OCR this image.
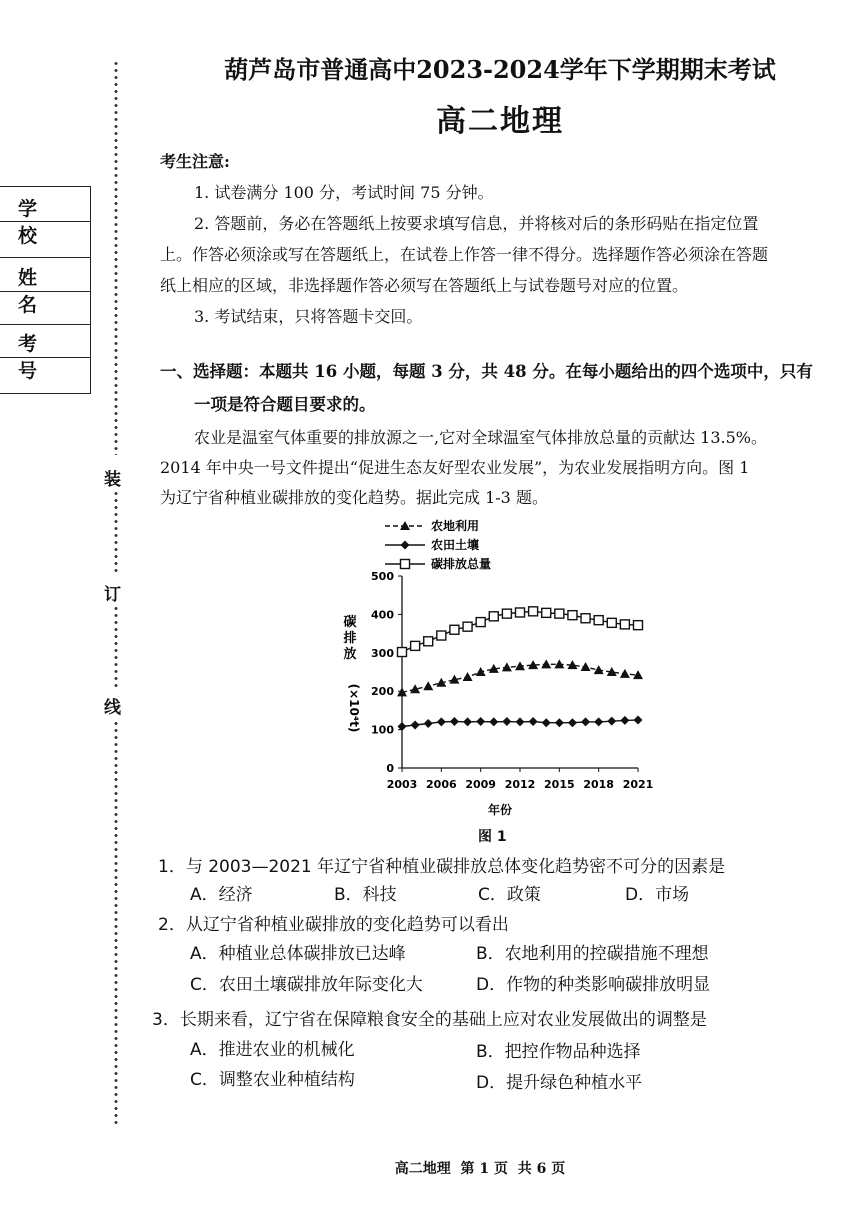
学 校
姓 名
考 号
装
订
线
葫芦岛市普通高中2023-2024学年下学期期末考试
高二地理
考生注意:
1. 试卷满分 100 分，考试时间 75 分钟。
2. 答题前，务必在答题纸上按要求填写信息，并将核对后的条形码贴在指定位置
上。作答必须涂或写在答题纸上，在试卷上作答一律不得分。选择题作答必须涂在答题
纸上相应的区域，非选择题作答必须写在答题纸上与试卷题号对应的位置。
3. 考试结束，只将答题卡交回。
一、选择题：本题共 16 小题，每题 3 分，共 48 分。在每小题给出的四个选项中，只有
一项是符合题目要求的。
农业是温室气体重要的排放源之一,它对全球温室气体排放总量的贡献达 13.5%。
2014 年中央一号文件提出“促进生态友好型农业发展”，为农业发展指明方向。图 1
为辽宁省种植业碳排放的变化趋势。据此完成 1-3 题。
农地利用
农田土壤
碳排放总量
0
100
200
300
400
500
2003 2006 2009 2012 2015 2018 2021
(×10⁴t)
碳排放
年份
图 1
1．与 2003—2021 年辽宁省种植业碳排放总体变化趋势密不可分的因素是
A．经济	B．科技	C．政策	D．市场
2．从辽宁省种植业碳排放的变化趋势可以看出
A．种植业总体碳排放已达峰	B．农地利用的控碳措施不理想
C．农田土壤碳排放年际变化大	D．作物的种类影响碳排放明显
3．长期来看，辽宁省在保障粮食安全的基础上应对农业发展做出的调整是
A．推进农业的机械化	B．把控作物品种选择
C．调整农业种植结构	D．提升绿色种植水平
高二地理  第 1 页  共 6 页
